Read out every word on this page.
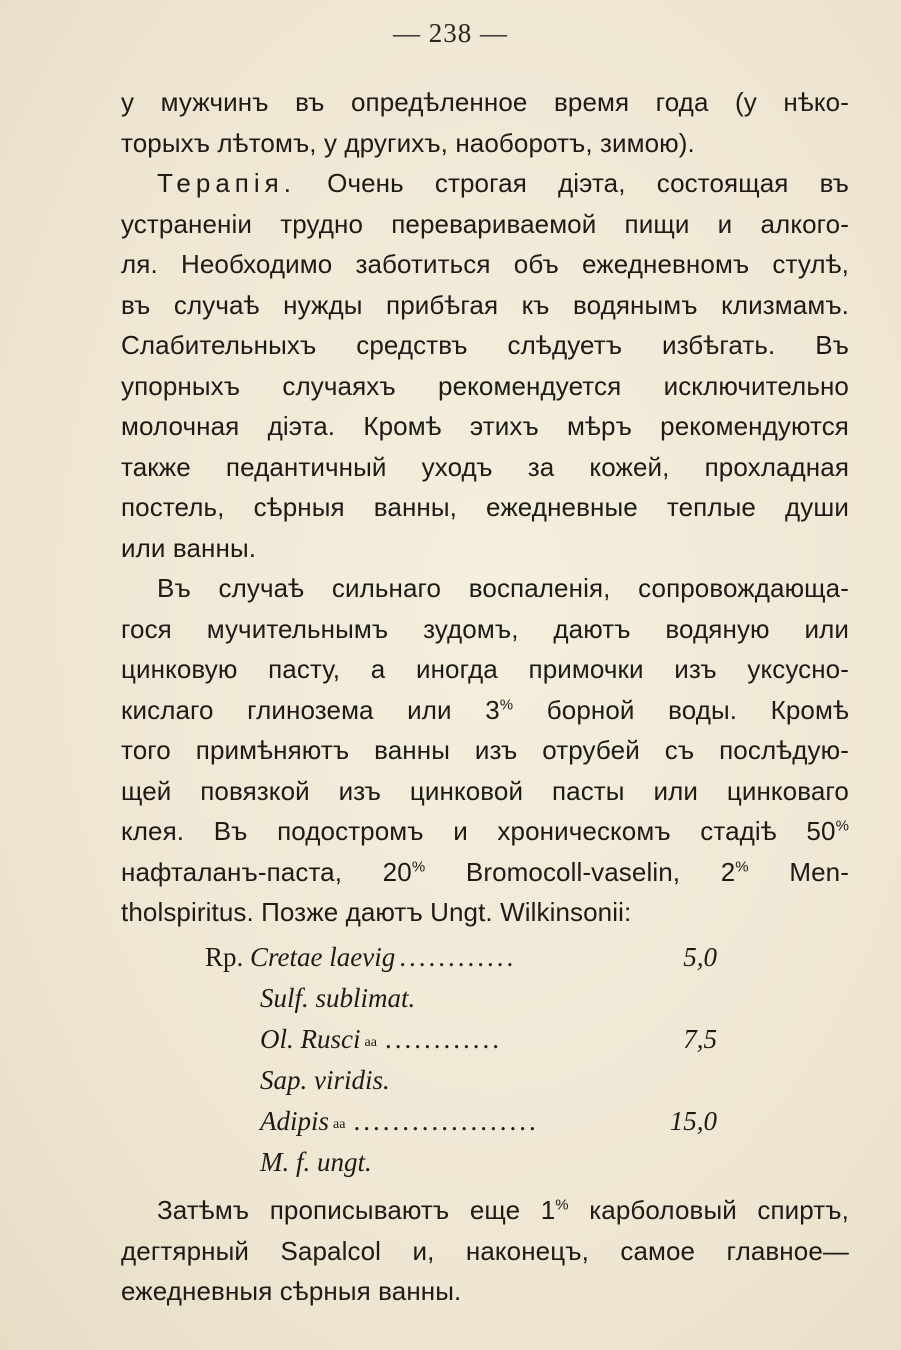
— 238 —
у мужчинъ въ опредѣленное время года (у нѣко-
торыхъ лѣтомъ, у другихъ, наоборотъ, зимою).
Терапія. Очень строгая діэта, состоящая въ
устраненіи трудно перевариваемой пищи и алкого-
ля. Необходимо заботиться объ ежедневномъ стулѣ,
въ случаѣ нужды прибѣгая къ водянымъ клизмамъ.
Слабительныхъ средствъ слѣдуетъ избѣгать. Въ
упорныхъ случаяхъ рекомендуется исключительно
молочная діэта. Кромѣ этихъ мѣръ рекомендуются
также педантичный уходъ за кожей, прохладная
постель, сѣрныя ванны, ежедневные теплые души
или ванны.
Въ случаѣ сильнаго воспаленія, сопровождающа-
гося мучительнымъ зудомъ, даютъ водяную или
цинковую пасту, а иногда примочки изъ уксусно-
кислаго глинозема или 3% борной воды. Кромѣ
того примѣняютъ ванны изъ отрубей съ послѣдую-
щей повязкой изъ цинковой пасты или цинковаго
клея. Въ подостромъ и хроническомъ стадіѣ 50%
нафталанъ-паста, 20% Bromocoll-vaselin, 2% Men-
tholspiritus. Позже даютъ Ungt. Wilkinsonii:
Rp. Cretae laevig ............	5,0
Sulf. sublimat.
Ol. Rusci aa ............	7,5
Sap. viridis.
Adipis aa ...................	15,0
M. f. ungt.
Затѣмъ прописываютъ еще 1% карболовый спиртъ,
дегтярный Sapalcol и, наконецъ, самое главное—
ежедневныя сѣрныя ванны.
